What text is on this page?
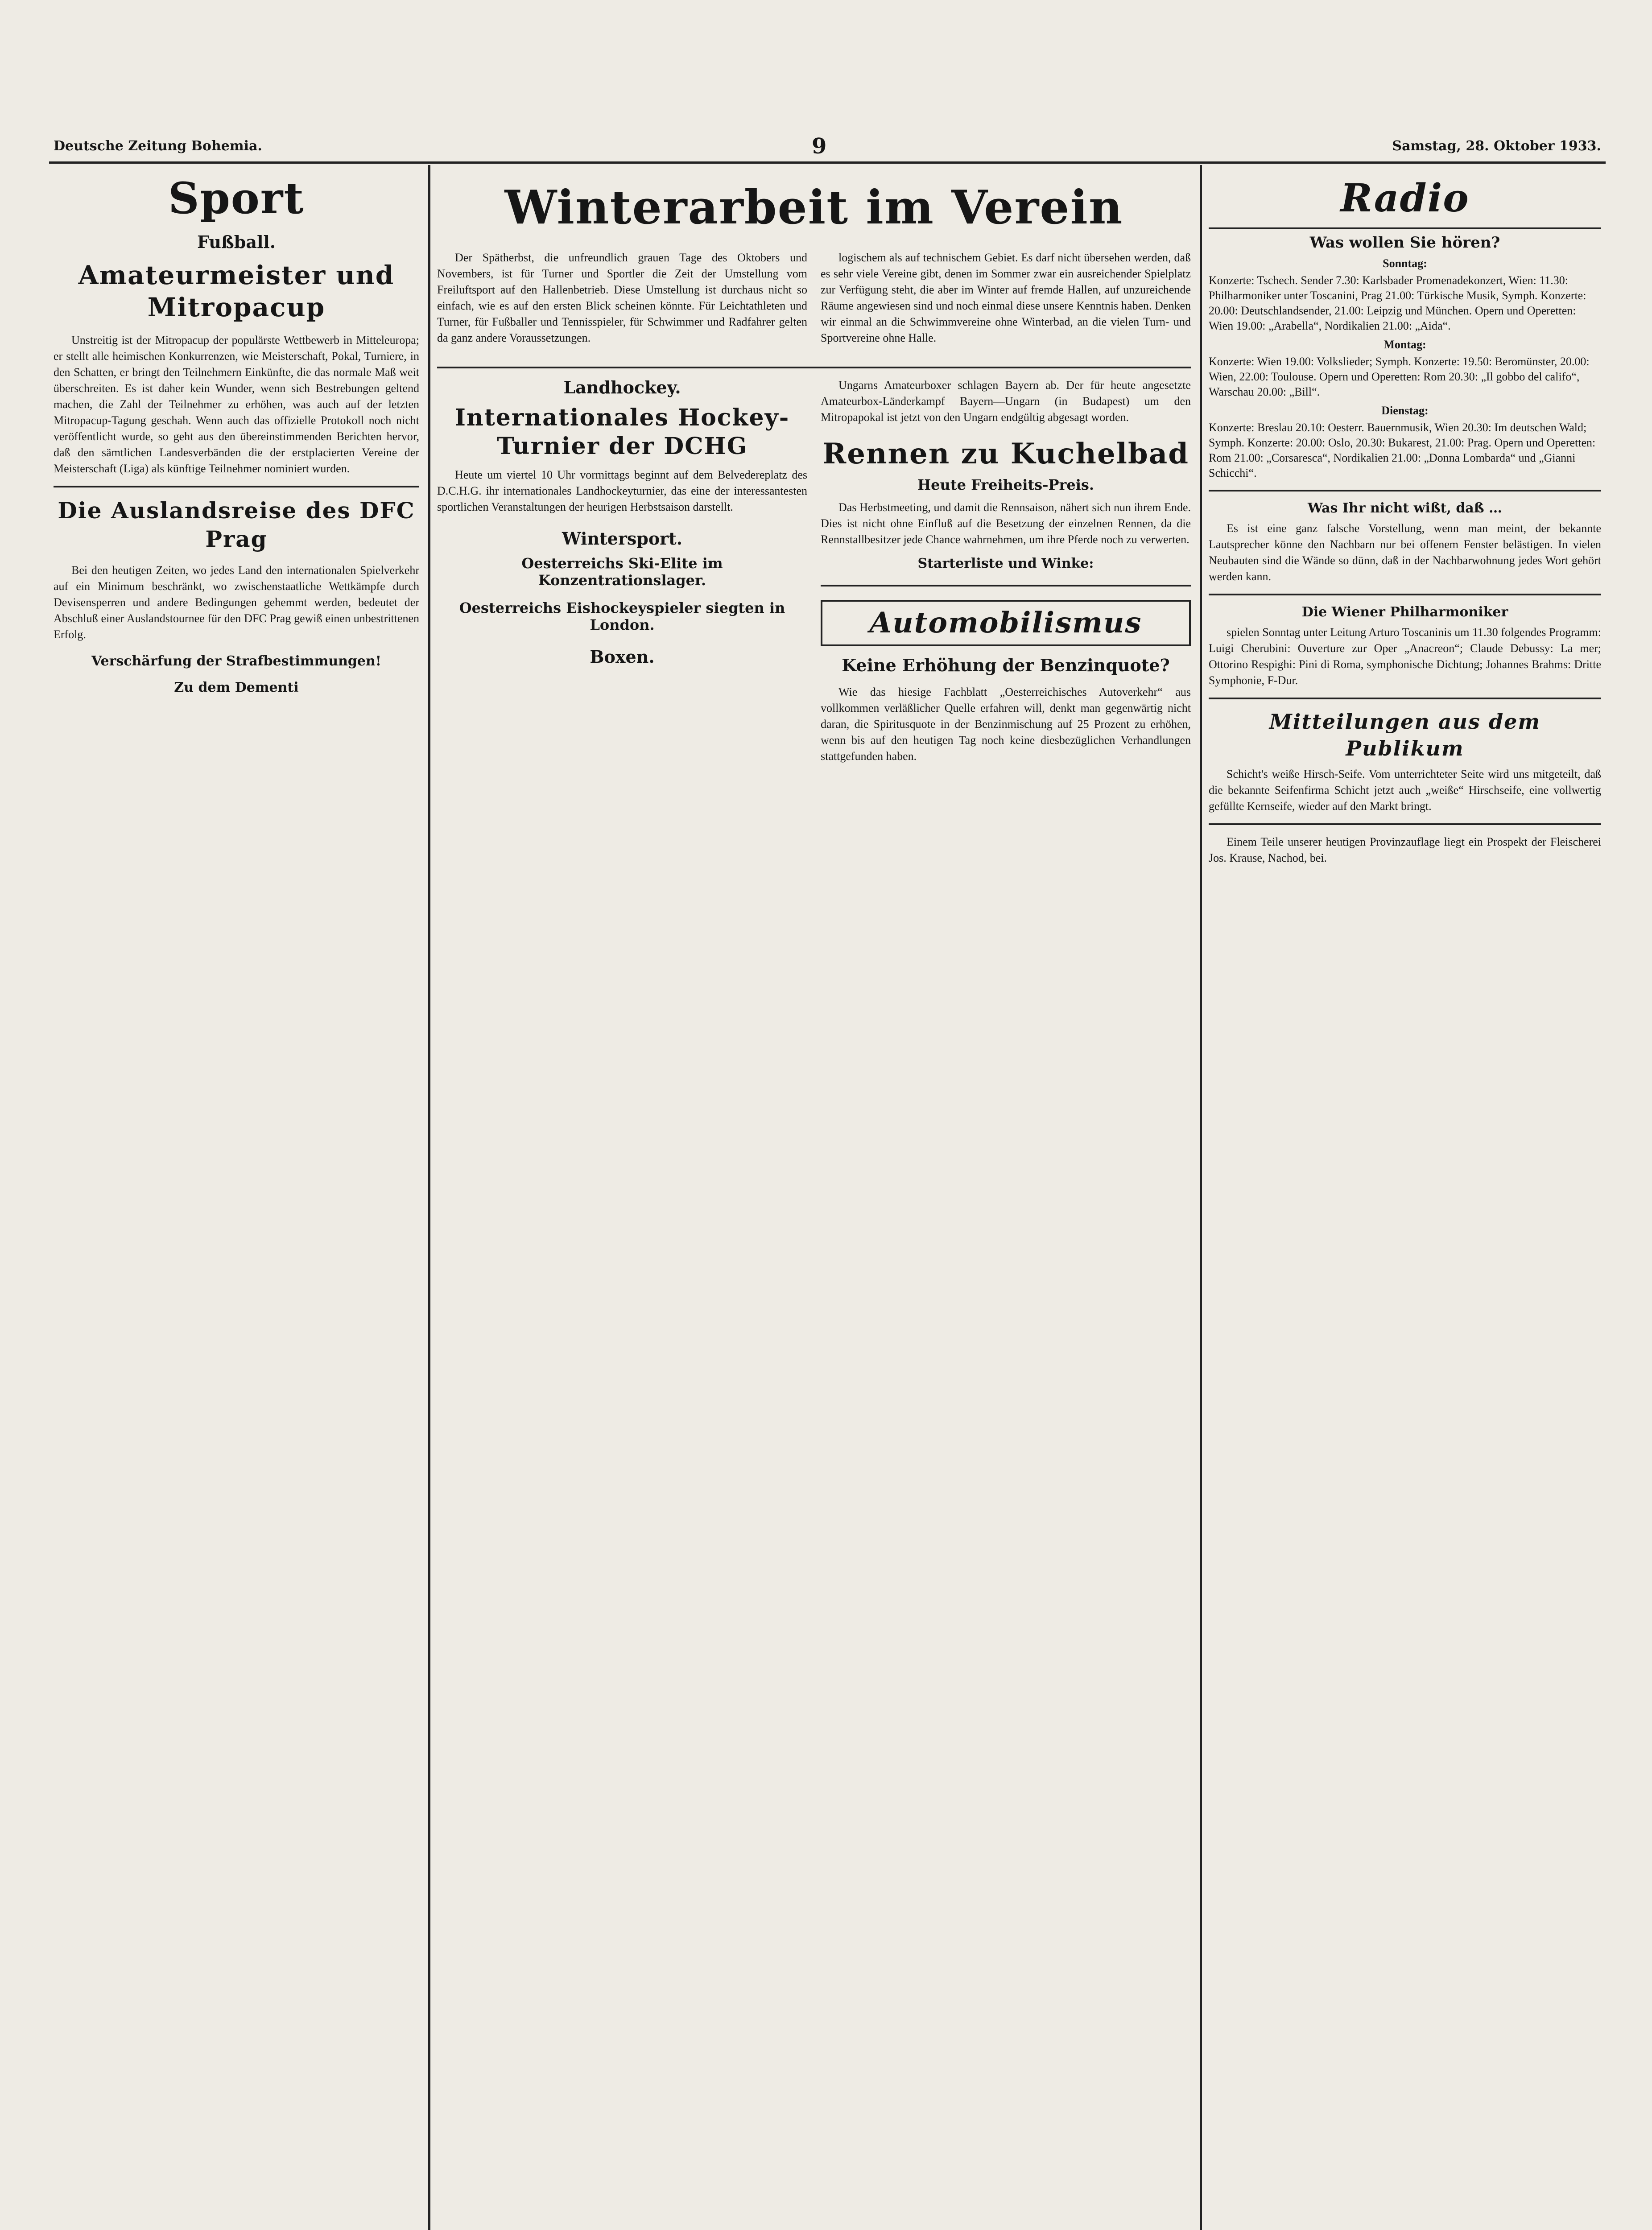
Deutsche Zeitung Bohemia.	9	Samstag, 28. Oktober 1933.
Sport
Fußball.
Amateurmeister und Mitropacup

Unstreitig ist der Mitropacup der populärste Wettbewerb in Mitteleuropa; er stellt alle heimischen Konkurrenzen, wie Meisterschaft, Pokal, Turniere, in den Schatten, er bringt den Teilnehmern Einkünfte, die das normale Maß weit überschreiten. Es ist daher kein Wunder, wenn sich Bestrebungen geltend machen, die Zahl der Teilnehmer zu erhöhen, was auch auf der letzten Mitropacup-Tagung geschah. Wenn auch das offizielle Protokoll noch nicht veröffentlicht wurde, so geht aus den übereinstimmenden Berichten hervor, daß den sämtlichen Landesverbänden die der erstplacierten Vereine der Meisterschaft (Liga) als künftige Teilnehmer nominiert wurden.

Die Auslandsreise des DFC Prag

Bei den heutigen Zeiten, wo jedes Land den internationalen Spielverkehr auf ein Minimum beschränkt, wo zwischenstaatliche Wettkämpfe durch Devisensperren und andere Bedingungen gehemmt werden, bedeutet der Abschluß einer Auslandstournee für den DFC Prag gewiß einen unbestrittenen Erfolg.

Verschärfung der Strafbestimmungen!
Zu dem Dementi
Winterarbeit im Verein

Der Spätherbst, die unfreundlich grauen Tage des Oktobers und Novembers, ist für Turner und Sportler die Zeit der Umstellung vom Freiluftsport auf den Hallenbetrieb. Diese Umstellung ist durchaus nicht so einfach, wie es auf den ersten Blick scheinen könnte. Für Leichtathleten und Turner, für Fußballer und Tennisspieler, für Schwimmer und Radfahrer gelten da ganz andere Voraussetzungen.

logischem als auf technischem Gebiet. Es darf nicht übersehen werden, daß es sehr viele Vereine gibt, denen im Sommer zwar ein ausreichender Spielplatz zur Verfügung steht, die aber im Winter auf fremde Hallen, auf unzureichende Räume angewiesen sind und noch einmal diese unsere Kenntnis haben. Denken wir einmal an die Schwimmvereine ohne Winterbad, an die vielen Turn- und Sportvereine ohne Halle.

Landhockey.
Internationales Hockey-Turnier der DCHG

Heute um viertel 10 Uhr vormittags beginnt auf dem Belvedereplatz des D.C.H.G. ihr internationales Landhockeyturnier, das eine der interessantesten sportlichen Veranstaltungen der heurigen Herbstsaison darstellt.

Wintersport.
Oesterreichs Ski-Elite im Konzentrationslager.
Oesterreichs Eishockeyspieler siegten in London.
Boxen.

Ungarns Amateurboxer schlagen Bayern ab. Der für heute angesetzte Amateurbox-Länderkampf Bayern—Ungarn (in Budapest) um den Mitropapokal ist jetzt von den Ungarn endgültig abgesagt worden.

Rennen zu Kuchelbad
Heute Freiheits-Preis.

Das Herbstmeeting, und damit die Rennsaison, nähert sich nun ihrem Ende. Dies ist nicht ohne Einfluß auf die Besetzung der einzelnen Rennen, da die Rennstallbesitzer jede Chance wahrnehmen, um ihre Pferde noch zu verwerten.

Starterliste und Winke:
Automobilismus
Keine Erhöhung der Benzinquote?

Wie das hiesige Fachblatt „Oesterreichisches Autoverkehr“ aus vollkommen verläßlicher Quelle erfahren will, denkt man gegenwärtig nicht daran, die Spiritusquote in der Benzinmischung auf 25 Prozent zu erhöhen, wenn bis auf den heutigen Tag noch keine diesbezüglichen Verhandlungen stattgefunden haben.

Radio
Was wollen Sie hören?
Sonntag:
Konzerte: Tschech. Sender 7.30: Karlsbader Promenadekonzert, Wien: 11.30: Philharmoniker unter Toscanini, Prag 21.00: Türkische Musik, Symph. Konzerte: 20.00: Deutschlandsender, 21.00: Leipzig und München. Opern und Operetten: Wien 19.00: „Arabella“, Nordikalien 21.00: „Aida“.
Montag:
Konzerte: Wien 19.00: Volkslieder; Symph. Konzerte: 19.50: Beromünster, 20.00: Wien, 22.00: Toulouse. Opern und Operetten: Rom 20.30: „Il gobbo del califo“, Warschau 20.00: „Bill“.
Dienstag:
Konzerte: Breslau 20.10: Oesterr. Bauernmusik, Wien 20.30: Im deutschen Wald; Symph. Konzerte: 20.00: Oslo, 20.30: Bukarest, 21.00: Prag. Opern und Operetten: Rom 21.00: „Corsaresca“, Nordikalien 21.00: „Donna Lombarda“ und „Gianni Schicchi“.
Was Ihr nicht wißt, daß …

Es ist eine ganz falsche Vorstellung, wenn man meint, der bekannte Lautsprecher könne den Nachbarn nur bei offenem Fenster belästigen. In vielen Neubauten sind die Wände so dünn, daß in der Nachbarwohnung jedes Wort gehört werden kann.

Die Wiener Philharmoniker

spielen Sonntag unter Leitung Arturo Toscaninis um 11.30 folgendes Programm: Luigi Cherubini: Ouverture zur Oper „Anacreon“; Claude Debussy: La mer; Ottorino Respighi: Pini di Roma, symphonische Dichtung; Johannes Brahms: Dritte Symphonie, F-Dur.

Mitteilungen aus dem Publikum

Schicht's weiße Hirsch-Seife. Vom unterrichteter Seite wird uns mitgeteilt, daß die bekannte Seifenfirma Schicht jetzt auch „weiße“ Hirschseife, eine vollwertig gefüllte Kernseife, wieder auf den Markt bringt.

Einem Teile unserer heutigen Provinzauflage liegt ein Prospekt der Fleischerei Jos. Krause, Nachod, bei.
